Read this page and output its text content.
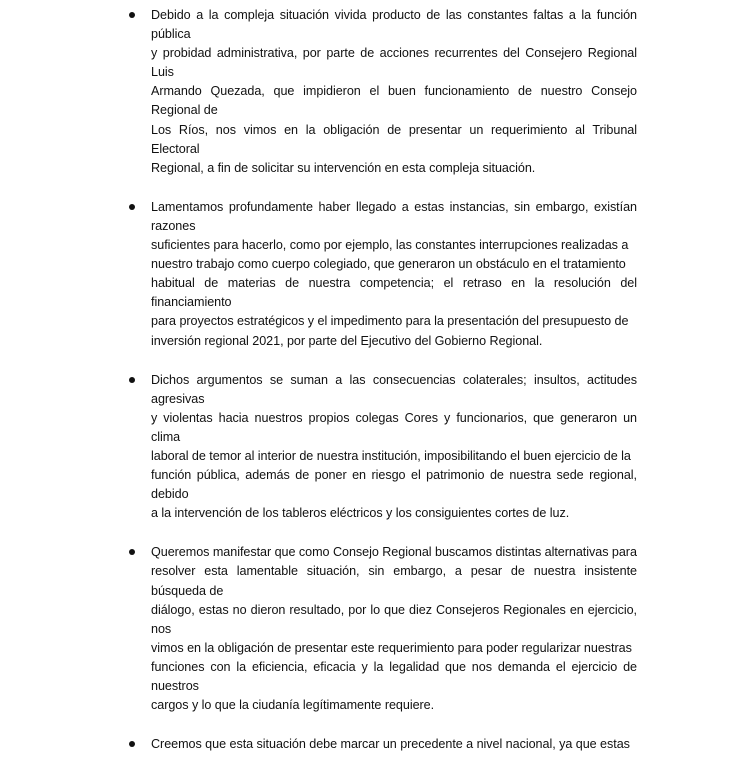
Debido a la compleja situación vivida producto de las constantes faltas a la función pública
y probidad administrativa, por parte de acciones recurrentes del Consejero Regional Luis
Armando Quezada, que impidieron el buen funcionamiento de nuestro Consejo Regional de
Los Ríos, nos vimos en la obligación de presentar un requerimiento al Tribunal Electoral
Regional, a fin de solicitar su intervención en esta compleja situación.

Lamentamos profundamente haber llegado a estas instancias, sin embargo, existían razones
suficientes para hacerlo, como por ejemplo, las constantes interrupciones realizadas a
nuestro trabajo como cuerpo colegiado, que generaron un obstáculo en el tratamiento
habitual de materias de nuestra competencia; el retraso en la resolución del financiamiento
para proyectos estratégicos y el impedimento para la presentación del presupuesto de
inversión regional 2021, por parte del Ejecutivo del Gobierno Regional.

Dichos argumentos se suman a las consecuencias colaterales; insultos, actitudes agresivas
y violentas hacia nuestros propios colegas Cores y funcionarios, que generaron un clima
laboral de temor al interior de nuestra institución, imposibilitando el buen ejercicio de la
función pública, además de poner en riesgo el patrimonio de nuestra sede regional, debido
a la intervención de los tableros eléctricos y los consiguientes cortes de luz.

Queremos manifestar que como Consejo Regional buscamos distintas alternativas para
resolver esta lamentable situación, sin embargo, a pesar de nuestra insistente búsqueda de
diálogo, estas no dieron resultado, por lo que diez Consejeros Regionales en ejercicio, nos
vimos en la obligación de presentar este requerimiento para poder regularizar nuestras
funciones con la eficiencia, eficacia y la legalidad que nos demanda el ejercicio de nuestros
cargos y lo que la ciudanía legítimamente requiere.

Creemos que esta situación debe marcar un precedente a nivel nacional, ya que estas
